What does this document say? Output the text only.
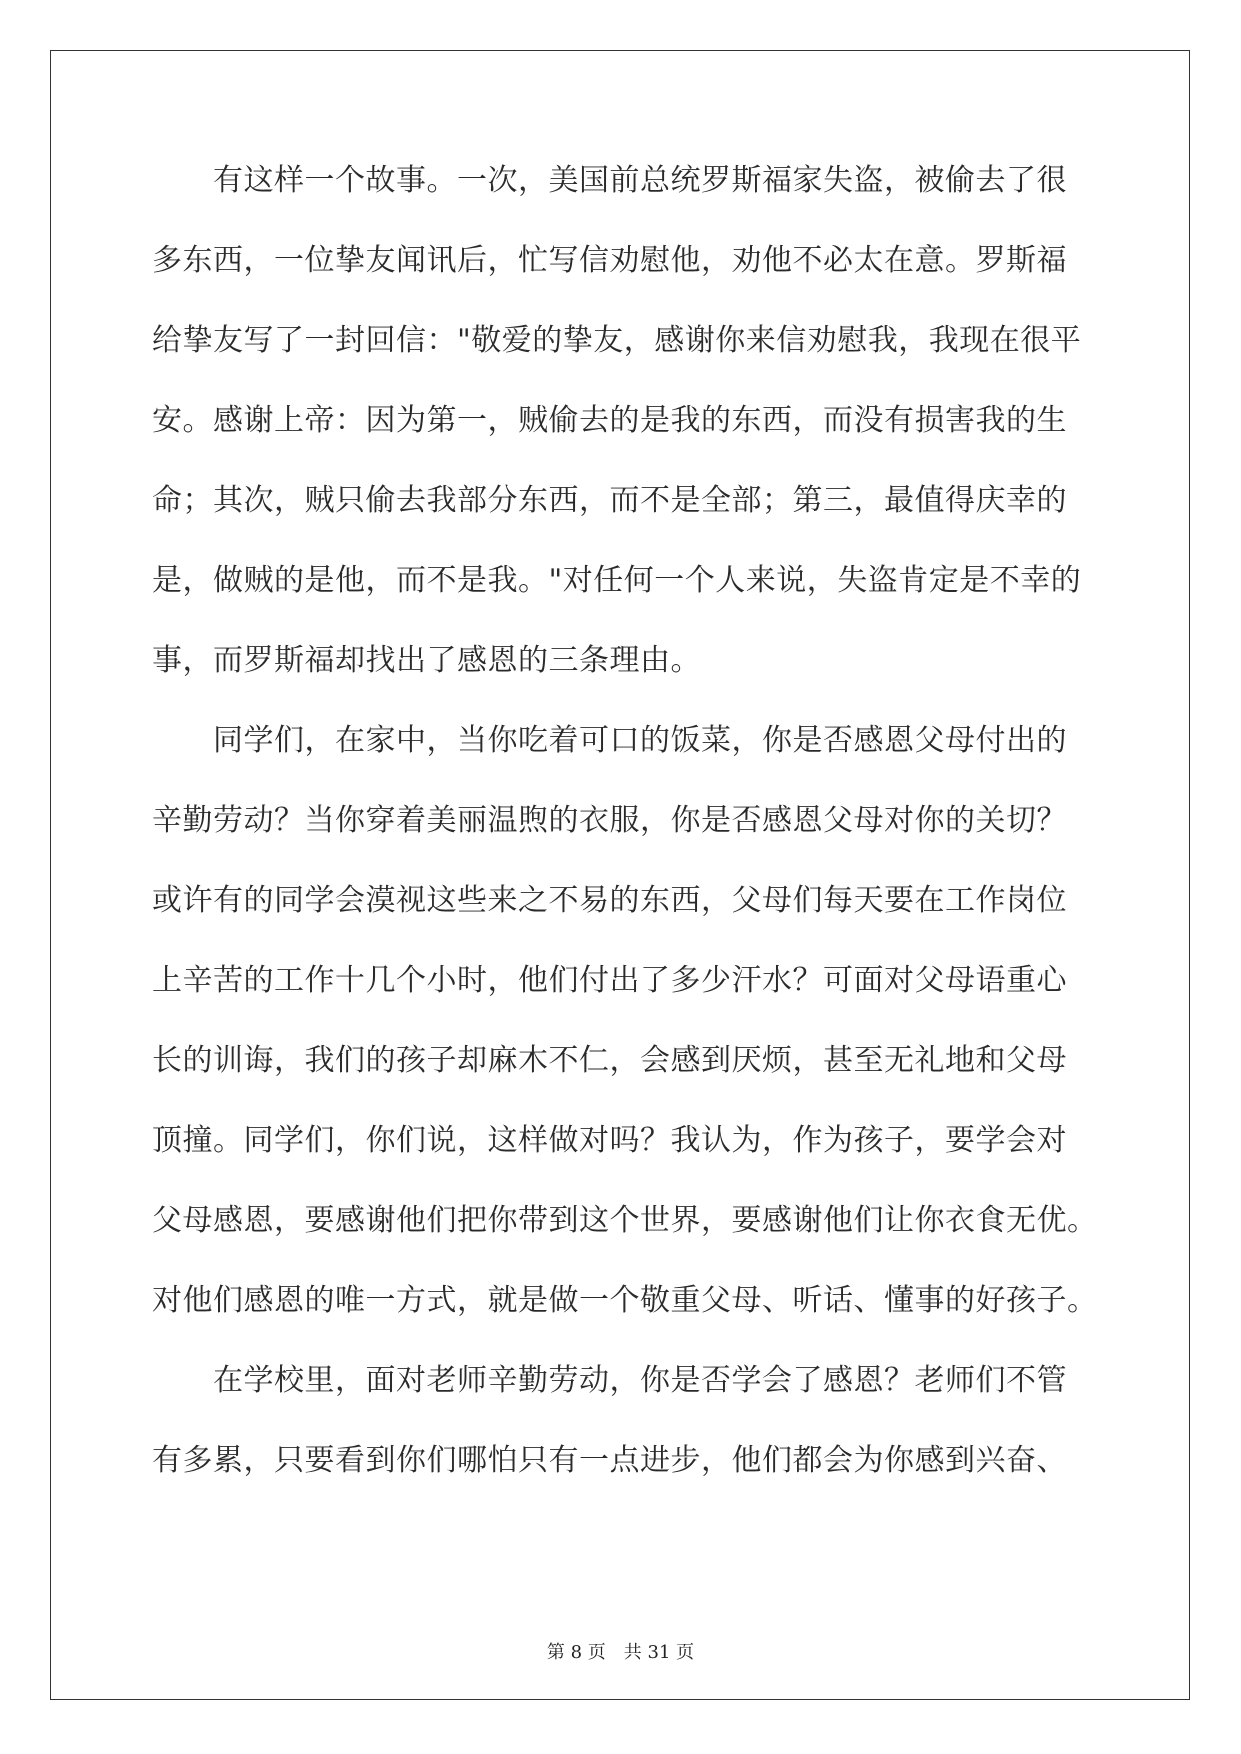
　　有这样一个故事。一次，美国前总统罗斯福家失盗，被偷去了很
多东西，一位挚友闻讯后，忙写信劝慰他，劝他不必太在意。罗斯福
给挚友写了一封回信："敬爱的挚友，感谢你来信劝慰我，我现在很平
安。感谢上帝：因为第一，贼偷去的是我的东西，而没有损害我的生
命；其次，贼只偷去我部分东西，而不是全部；第三，最值得庆幸的
是，做贼的是他，而不是我。"对任何一个人来说，失盗肯定是不幸的
事，而罗斯福却找出了感恩的三条理由。
　　同学们，在家中，当你吃着可口的饭菜，你是否感恩父母付出的
辛勤劳动？当你穿着美丽温煦的衣服，你是否感恩父母对你的关切？
或许有的同学会漠视这些来之不易的东西，父母们每天要在工作岗位
上辛苦的工作十几个小时，他们付出了多少汗水？可面对父母语重心
长的训诲，我们的孩子却麻木不仁，会感到厌烦，甚至无礼地和父母
顶撞。同学们，你们说，这样做对吗？我认为，作为孩子，要学会对
父母感恩，要感谢他们把你带到这个世界，要感谢他们让你衣食无优。
对他们感恩的唯一方式，就是做一个敬重父母、听话、懂事的好孩子。
　　在学校里，面对老师辛勤劳动，你是否学会了感恩？老师们不管
有多累，只要看到你们哪怕只有一点进步，他们都会为你感到兴奋、
第 8 页　共 31 页
